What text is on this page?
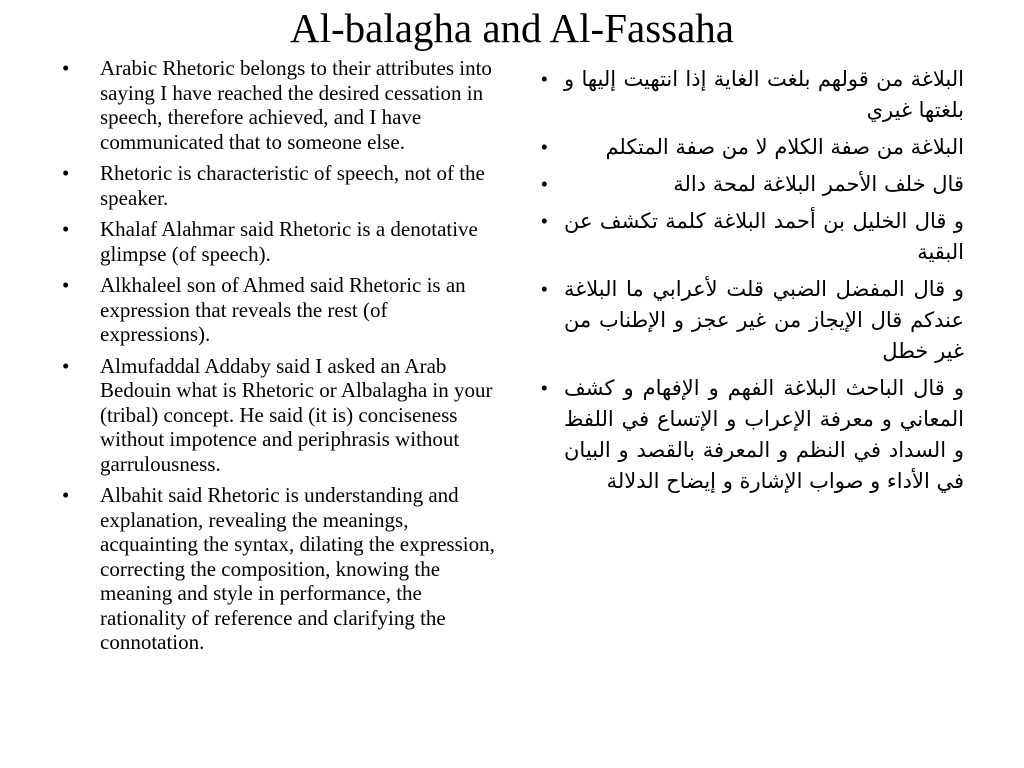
Al-balagha and Al-Fassaha
•	Arabic Rhetoric belongs to their attributes into saying I have reached the desired cessation in speech, therefore achieved, and I have communicated that to someone else.
•	Rhetoric is characteristic of speech, not of the speaker.
•	Khalaf Alahmar said Rhetoric is a denotative glimpse (of speech).
•	Alkhaleel son of Ahmed said Rhetoric is an expression that reveals the rest (of expressions).
•	Almufaddal Addaby said I asked an Arab Bedouin what is Rhetoric or Albalagha in your (tribal) concept. He said (it is) conciseness without impotence and periphrasis without garrulousness.
•	Albahit said Rhetoric is understanding and explanation, revealing the meanings, acquainting the syntax, dilating the expression, correcting the composition, knowing the meaning and style in performance, the rationality of reference and clarifying the connotation.
• البلاغة من قولهم بلغت الغاية إذا انتهيت إليها و بلغتها غيري
•	البلاغة من صفة الكلام لا من صفة المتكلم
•	قال خلف الأحمر البلاغة لمحة دالة
• و قال الخليل بن أحمد البلاغة كلمة تكشف عن البقية
• و قال المفضل الضبي قلت لأعرابي ما البلاغة عندكم قال الإيجاز من غير عجز و الإطناب من غير خطل
• و قال الباحث البلاغة الفهم و الإفهام و كشف المعاني و معرفة الإعراب و الإتساع في اللفظ و السداد في النظم و المعرفة بالقصد و البيان في الأداء و صواب الإشارة و إيضاح الدلالة
